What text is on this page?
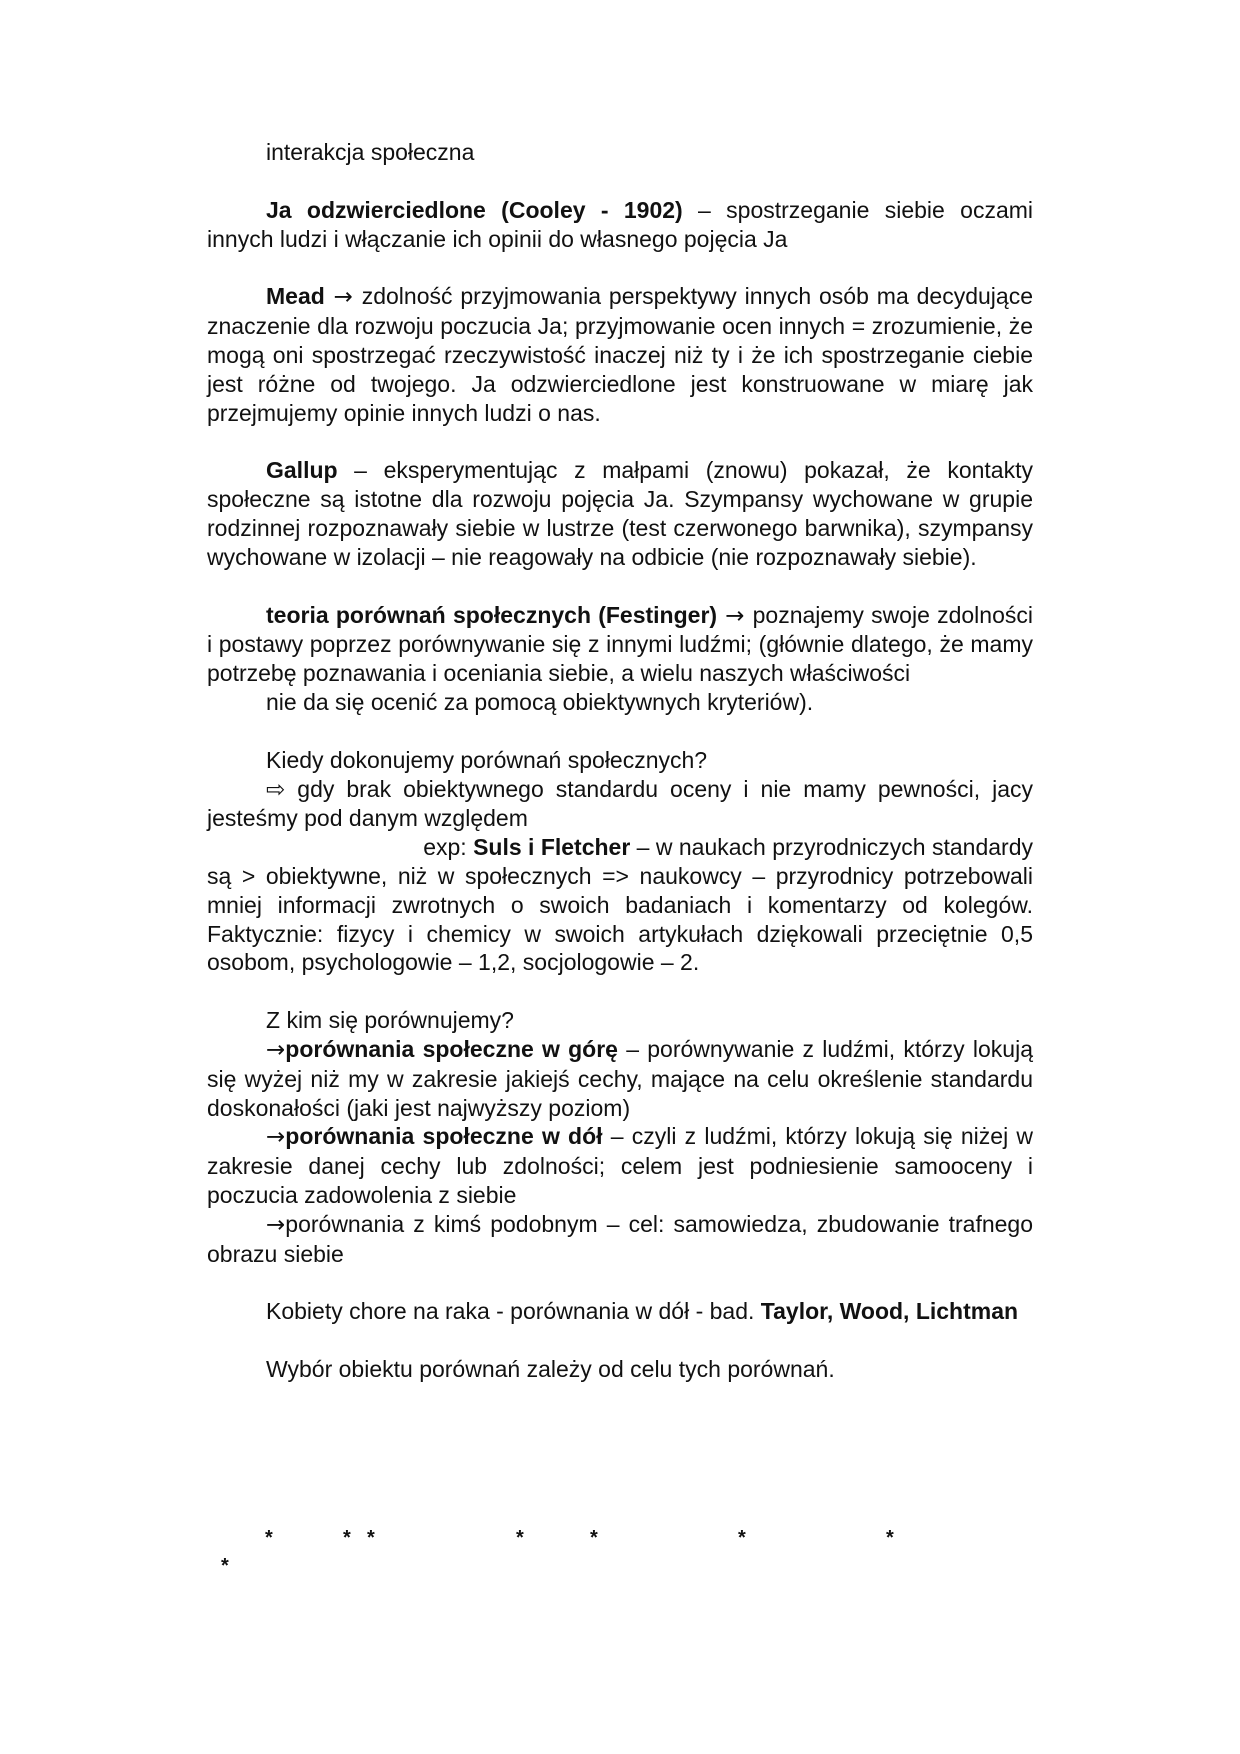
interakcja społeczna

Ja odzwierciedlone (Cooley - 1902) – spostrzeganie siebie oczami innych ludzi i włączanie ich opinii do własnego pojęcia Ja

Mead → zdolność przyjmowania perspektywy innych osób ma decydujące znaczenie dla rozwoju poczucia Ja; przyjmowanie ocen innych = zrozumienie, że mogą oni spostrzegać rzeczywistość inaczej niż ty i że ich spostrzeganie ciebie jest różne od twojego. Ja odzwierciedlone jest konstruowane w miarę jak przejmujemy opinie innych ludzi o nas.

Gallup – eksperymentując z małpami (znowu) pokazał, że kontakty społeczne są istotne dla rozwoju pojęcia Ja. Szympansy wychowane w grupie rodzinnej rozpoznawały siebie w lustrze (test czerwonego barwnika), szympansy wychowane w izolacji – nie reagowały na odbicie (nie rozpoznawały siebie).

teoria porównań społecznych (Festinger) → poznajemy swoje zdolności i postawy poprzez porównywanie się z innymi ludźmi; (głównie dlatego, że mamy potrzebę poznawania i oceniania siebie, a wielu naszych właściwości

nie da się ocenić za pomocą obiektywnych kryteriów).

Kiedy dokonujemy porównań społecznych?

⇨ gdy brak obiektywnego standardu oceny i nie mamy pewności, jacy jesteśmy pod danym względem

exp: Suls i Fletcher – w naukach przyrodniczych standardy

są > obiektywne, niż w społecznych => naukowcy – przyrodnicy potrzebowali mniej informacji zwrotnych o swoich badaniach i komentarzy od kolegów. Faktycznie: fizycy i chemicy w swoich artykułach dziękowali przeciętnie 0,5 osobom, psychologowie – 1,2, socjologowie – 2.

Z kim się porównujemy?

→porównania społeczne w górę – porównywanie z ludźmi, którzy lokują się wyżej niż my w zakresie jakiejś cechy, mające na celu określenie standardu doskonałości (jaki jest najwyższy poziom)

→porównania społeczne w dół – czyli z ludźmi, którzy lokują się niżej w zakresie danej cechy lub zdolności; celem jest podniesienie samooceny i poczucia zadowolenia z siebie

→porównania z kimś podobnym – cel: samowiedza, zbudowanie trafnego obrazu siebie

Kobiety chore na raka - porównania w dół - bad. Taylor, Wood, Lichtman

Wybór obiektu porównań zależy od celu tych porównań.

*	* *	*	*	*	*
*
